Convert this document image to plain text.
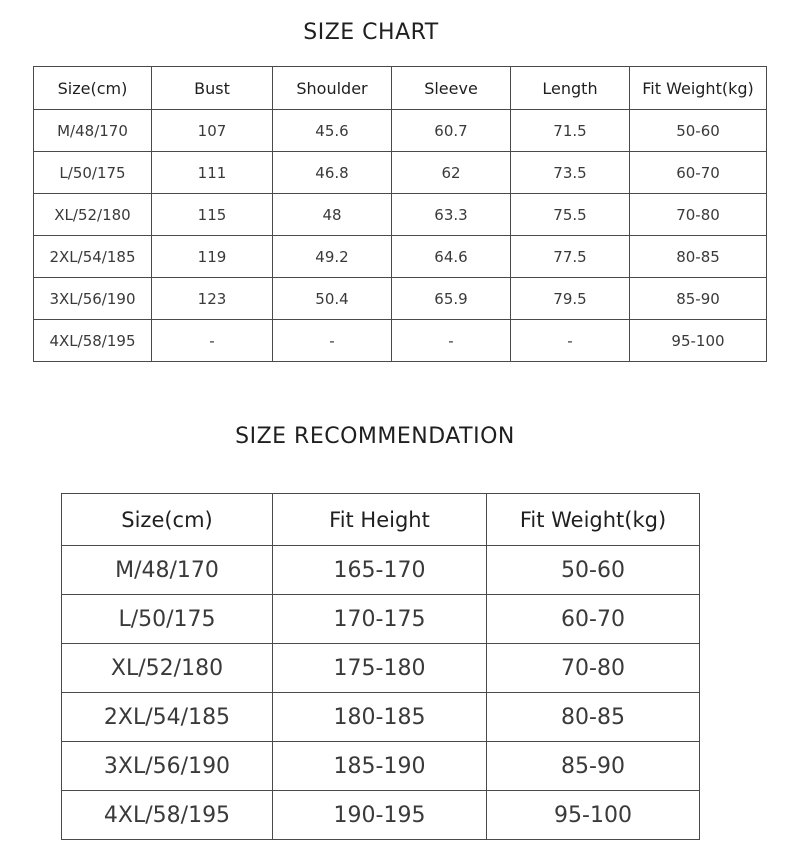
SIZE CHART
Size(cm)	Bust	Shoulder	Sleeve	Length	Fit Weight(kg)
M/48/170	107	45.6	60.7	71.5	50-60
L/50/175	111	46.8	62	73.5	60-70
XL/52/180	115	48	63.3	75.5	70-80
2XL/54/185	119	49.2	64.6	77.5	80-85
3XL/56/190	123	50.4	65.9	79.5	85-90
4XL/58/195	-	-	-	-	95-100
SIZE RECOMMENDATION
Size(cm)	Fit Height	Fit Weight(kg)
M/48/170	165-170	50-60
L/50/175	170-175	60-70
XL/52/180	175-180	70-80
2XL/54/185	180-185	80-85
3XL/56/190	185-190	85-90
4XL/58/195	190-195	95-100
